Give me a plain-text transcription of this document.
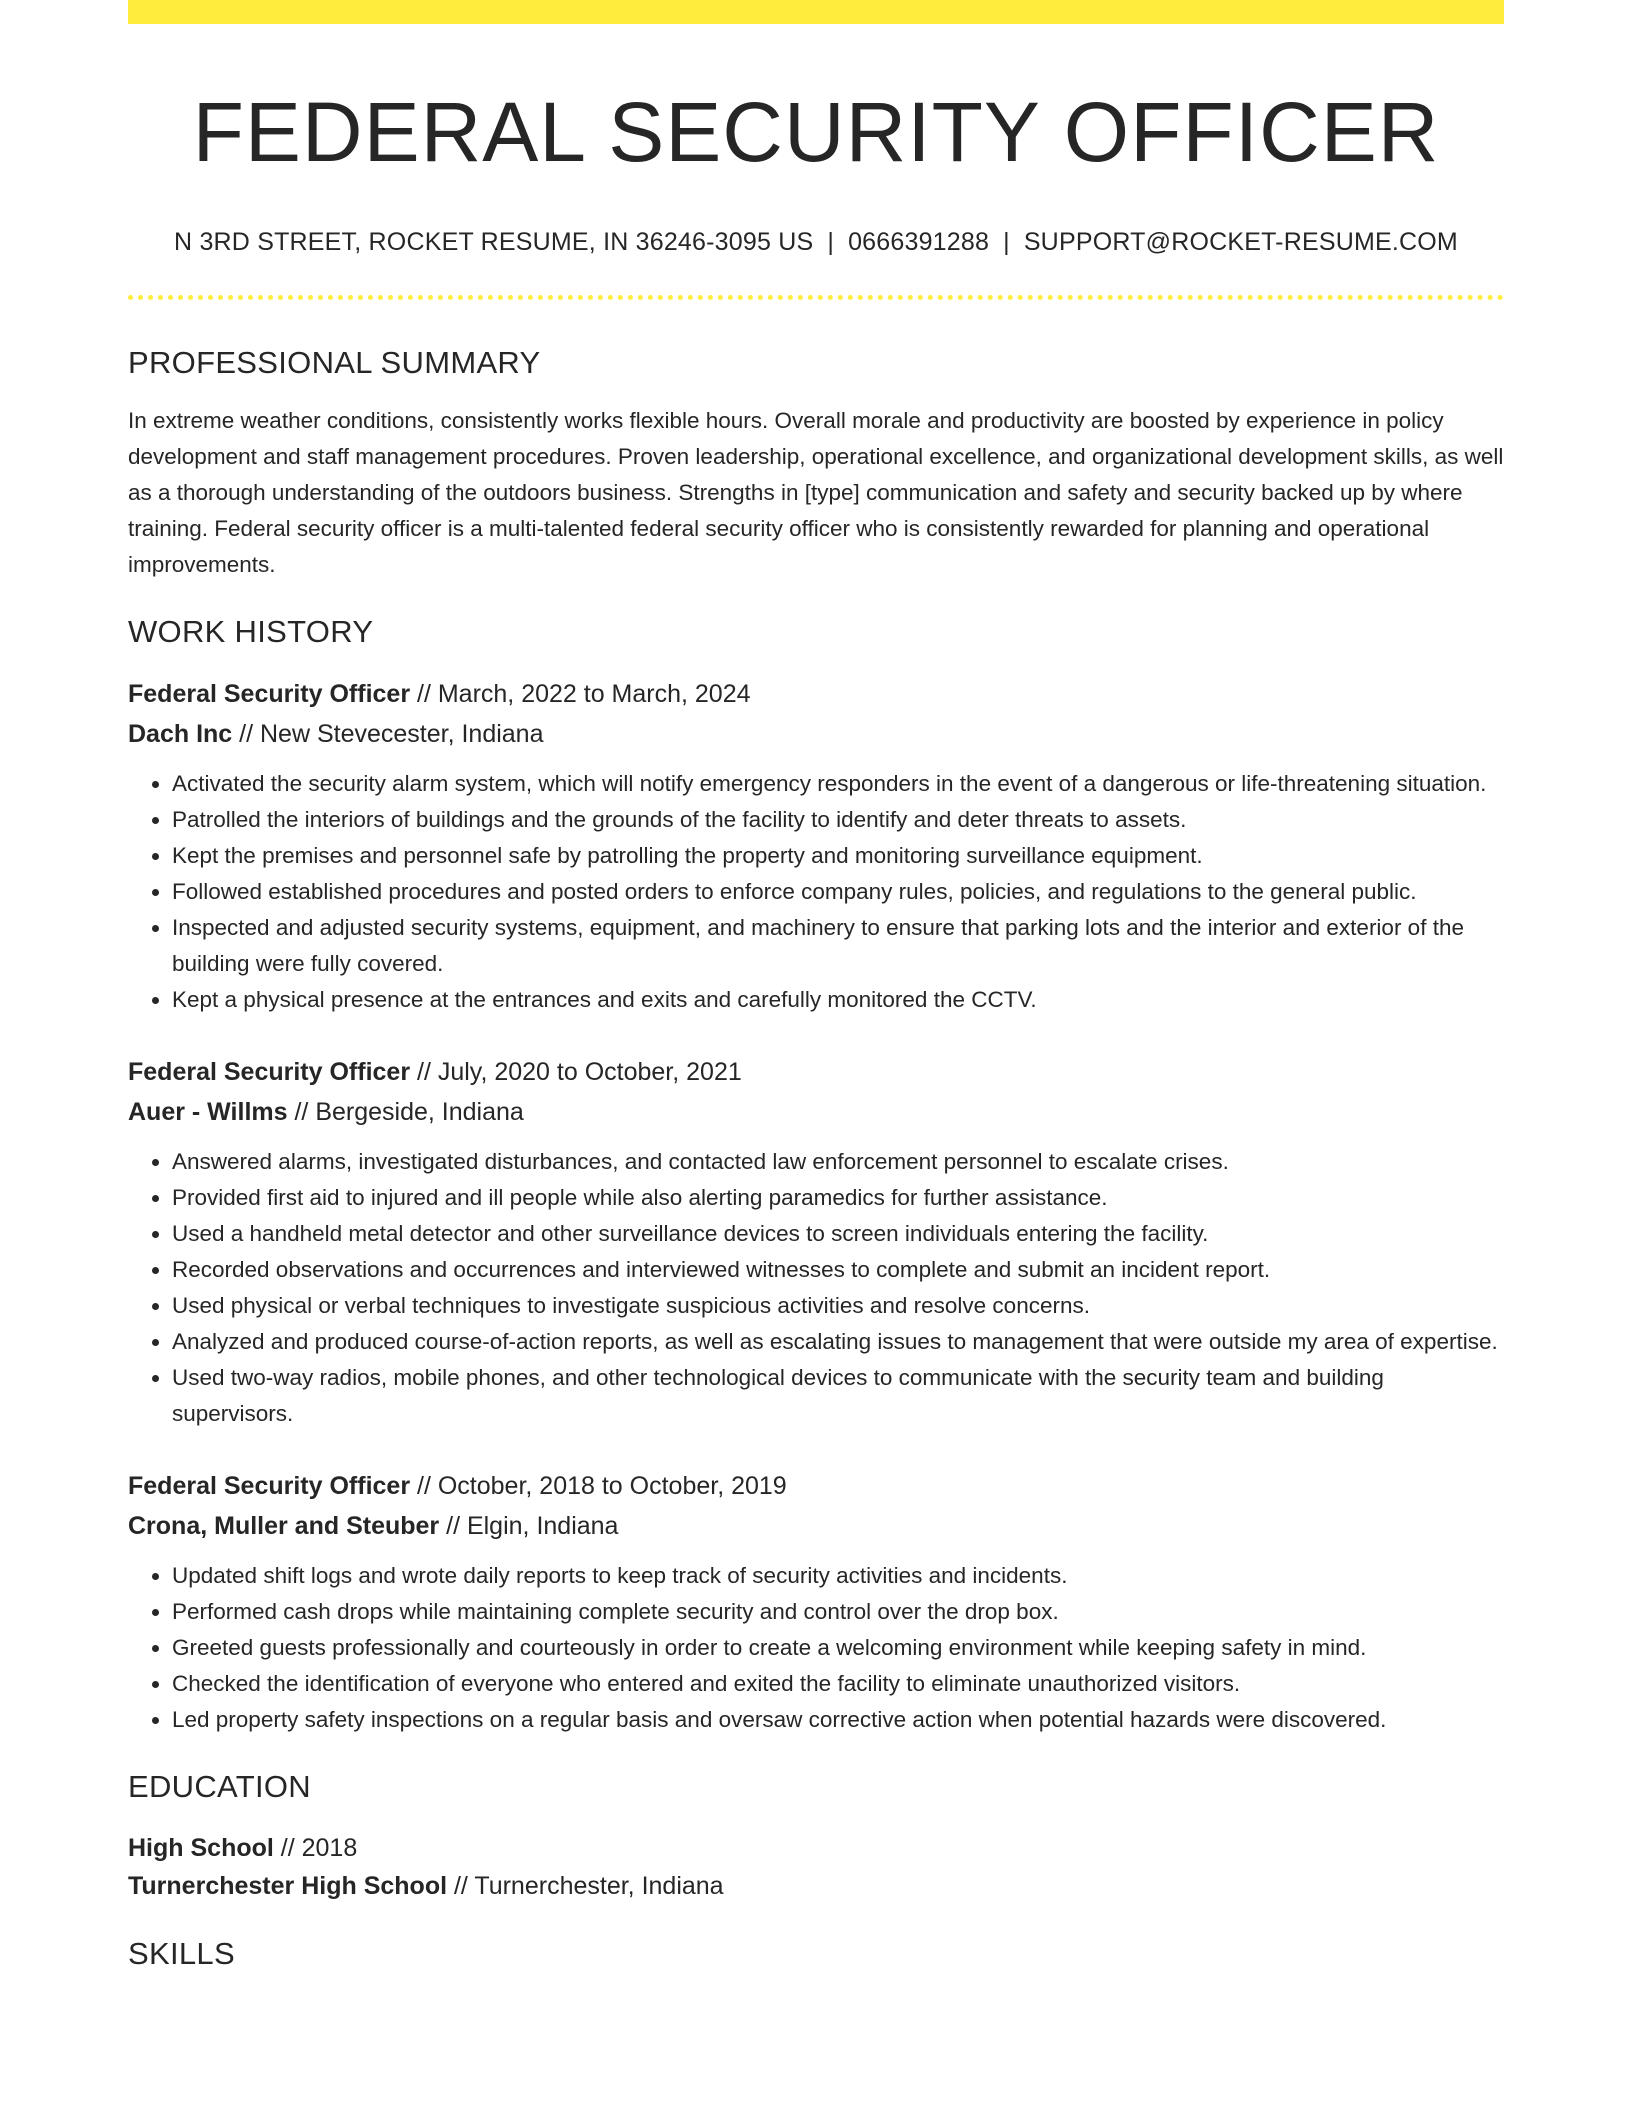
FEDERAL SECURITY OFFICER
N 3RD STREET, ROCKET RESUME, IN 36246-3095 US | 0666391288 | SUPPORT@ROCKET-RESUME.COM
PROFESSIONAL SUMMARY

In extreme weather conditions, consistently works flexible hours. Overall morale and productivity are boosted by experience in policy development and staff management procedures. Proven leadership, operational excellence, and organizational development skills, as well as a thorough understanding of the outdoors business. Strengths in [type] communication and safety and security backed up by where training. Federal security officer is a multi-talented federal security officer who is consistently rewarded for planning and operational improvements.

WORK HISTORY
Federal Security Officer // March, 2022 to March, 2024
Dach Inc // New Stevecester, Indiana
• Activated the security alarm system, which will notify emergency responders in the event of a dangerous or life-threatening situation.
• Patrolled the interiors of buildings and the grounds of the facility to identify and deter threats to assets.
• Kept the premises and personnel safe by patrolling the property and monitoring surveillance equipment.
• Followed established procedures and posted orders to enforce company rules, policies, and regulations to the general public.
• Inspected and adjusted security systems, equipment, and machinery to ensure that parking lots and the interior and exterior of the building were fully covered.
• Kept a physical presence at the entrances and exits and carefully monitored the CCTV.
Federal Security Officer // July, 2020 to October, 2021
Auer - Willms // Bergeside, Indiana
• Answered alarms, investigated disturbances, and contacted law enforcement personnel to escalate crises.
• Provided first aid to injured and ill people while also alerting paramedics for further assistance.
• Used a handheld metal detector and other surveillance devices to screen individuals entering the facility.
• Recorded observations and occurrences and interviewed witnesses to complete and submit an incident report.
• Used physical or verbal techniques to investigate suspicious activities and resolve concerns.
• Analyzed and produced course-of-action reports, as well as escalating issues to management that were outside my area of expertise.
• Used two-way radios, mobile phones, and other technological devices to communicate with the security team and building supervisors.
Federal Security Officer // October, 2018 to October, 2019
Crona, Muller and Steuber // Elgin, Indiana
• Updated shift logs and wrote daily reports to keep track of security activities and incidents.
• Performed cash drops while maintaining complete security and control over the drop box.
• Greeted guests professionally and courteously in order to create a welcoming environment while keeping safety in mind.
• Checked the identification of everyone who entered and exited the facility to eliminate unauthorized visitors.
• Led property safety inspections on a regular basis and oversaw corrective action when potential hazards were discovered.
EDUCATION
High School // 2018
Turnerchester High School // Turnerchester, Indiana
SKILLS
